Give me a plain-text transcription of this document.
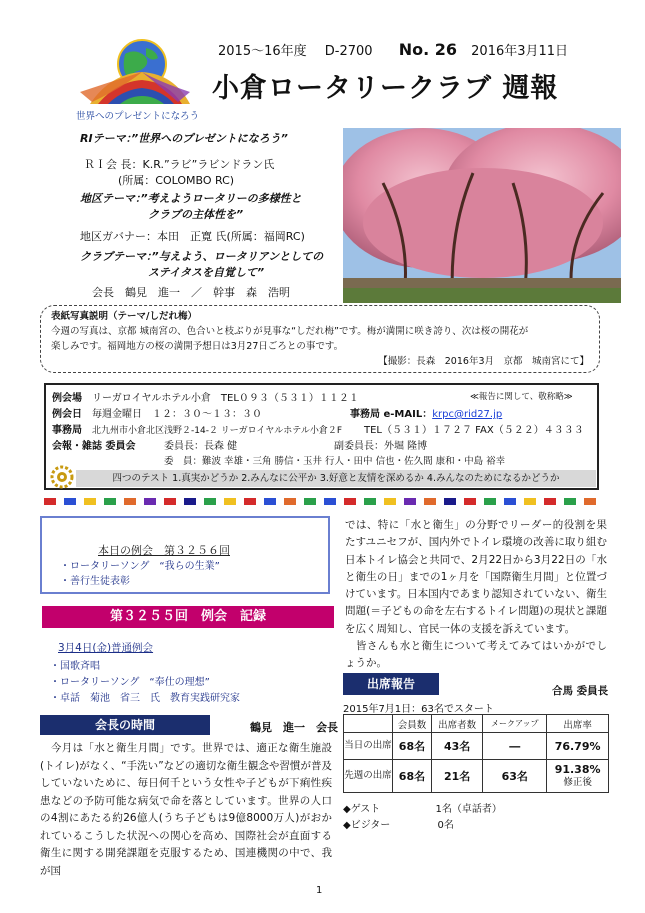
2015～16年度 D-2700 No. 26 2016年3月11日
小倉ロータリークラブ 週報
世界へのプレゼントになろう
RIテーマ：”世界へのプレゼントになろう”
ＲＩ会 長：K.R.”ラビ”ラビンドラン氏
(所属：COLOMBO RC)
地区テーマ：”考えようロータリーの多様性と
クラブの主体性を”
地区ガバナー：本田　正寛 氏(所属：福岡RC)
クラブテーマ：”与えよう、ロータリアンとしての
ステイタスを自覚して”
会長　鶴見　進一　／　幹事　森　浩明
表紙写真説明（テーマ/しだれ梅）
今週の写真は、京都 城南宮の、色合いと枝ぶりが見事な“しだれ梅”です。梅が満開に咲き誇り、次は桜の開花が
楽しみです。福岡地方の桜の満開予想日は3月27日ごろとの事です。
【撮影：長森　2016年3月　京都　城南宮にて】
例会場　 リーガロイヤルホテル小倉　 TEL０９３（５３１）１１２１	≪報告に関して、敬称略≫
例会日　 毎週金曜日　１２：３０～１３：３０	事務局 e-MAIL：krpc@rid27.jp
事務局　 北九州市小倉北区浅野２-14-２ リーガロイヤルホテル小倉２F TEL（５３１）１７２７ FAX（５２２）４３３３
会報・雑誌 委員会	委員長：長森 健	副委員長：外堀 隆博
委　員：難波 幸雄・三角 勝信・玉井 行人・田中 信也・佐久間 康和・中島 裕幸
四つのテスト 1.真実かどうか 2.みんなに公平か 3.好意と友情を深めるか 4.みんなのためになるかどうか
本日の例会　第３２５６回
・ロータリーソング　“我らの生業”
・善行生徒表彰
第３２５５回　例会　記録
3月4日(金)普通例会
・国歌斉唱
・ロータリーソング　“奉仕の理想”
・卓話　菊池　省三　氏　教育実践研究家
会長の時間	鶴見　進一　会長
　今月は「水と衛生月間」です。世界では、適正な衛生施設(トイレ)がなく、“手洗い”などの適切な衛生観念や習慣が普及していないために、毎日何千という女性や子どもが下痢性疾患などの予防可能な病気で命を落としています。世界の人口の4割にあたる約26億人(うち子どもは9億8000万人)がおかれているこうした状況への関心を高め、国際社会が直面する衛生に関する開発課題を克服するため、国連機関の中で、我が国
では、特に「水と衛生」の分野でリーダー的役割を果たすユニセフが、国内外でトイレ環境の改善に取り組む日本トイレ協会と共同で、2月22日から3月22日の「水と衛生の日」までの1ヶ月を「国際衛生月間」と位置づけています。日本国内であまり認知されていない、衛生問題(＝子どもの命を左右するトイレ問題)の現状と課題を広く周知し、官民一体の支援を訴えています。
　皆さんも水と衛生について考えてみてはいかがでしょうか。
出席報告	合馬 委員長
2015年7月1日：63名でスタート
	会員数	出席者数	メークアップ	出席率
当日の出席	68名	43名	―	76.79%
先週の出席	68名	21名	63名	91.38%
修正後
◆ゲスト	1名（卓話者）
◆ビジター	0名
1
